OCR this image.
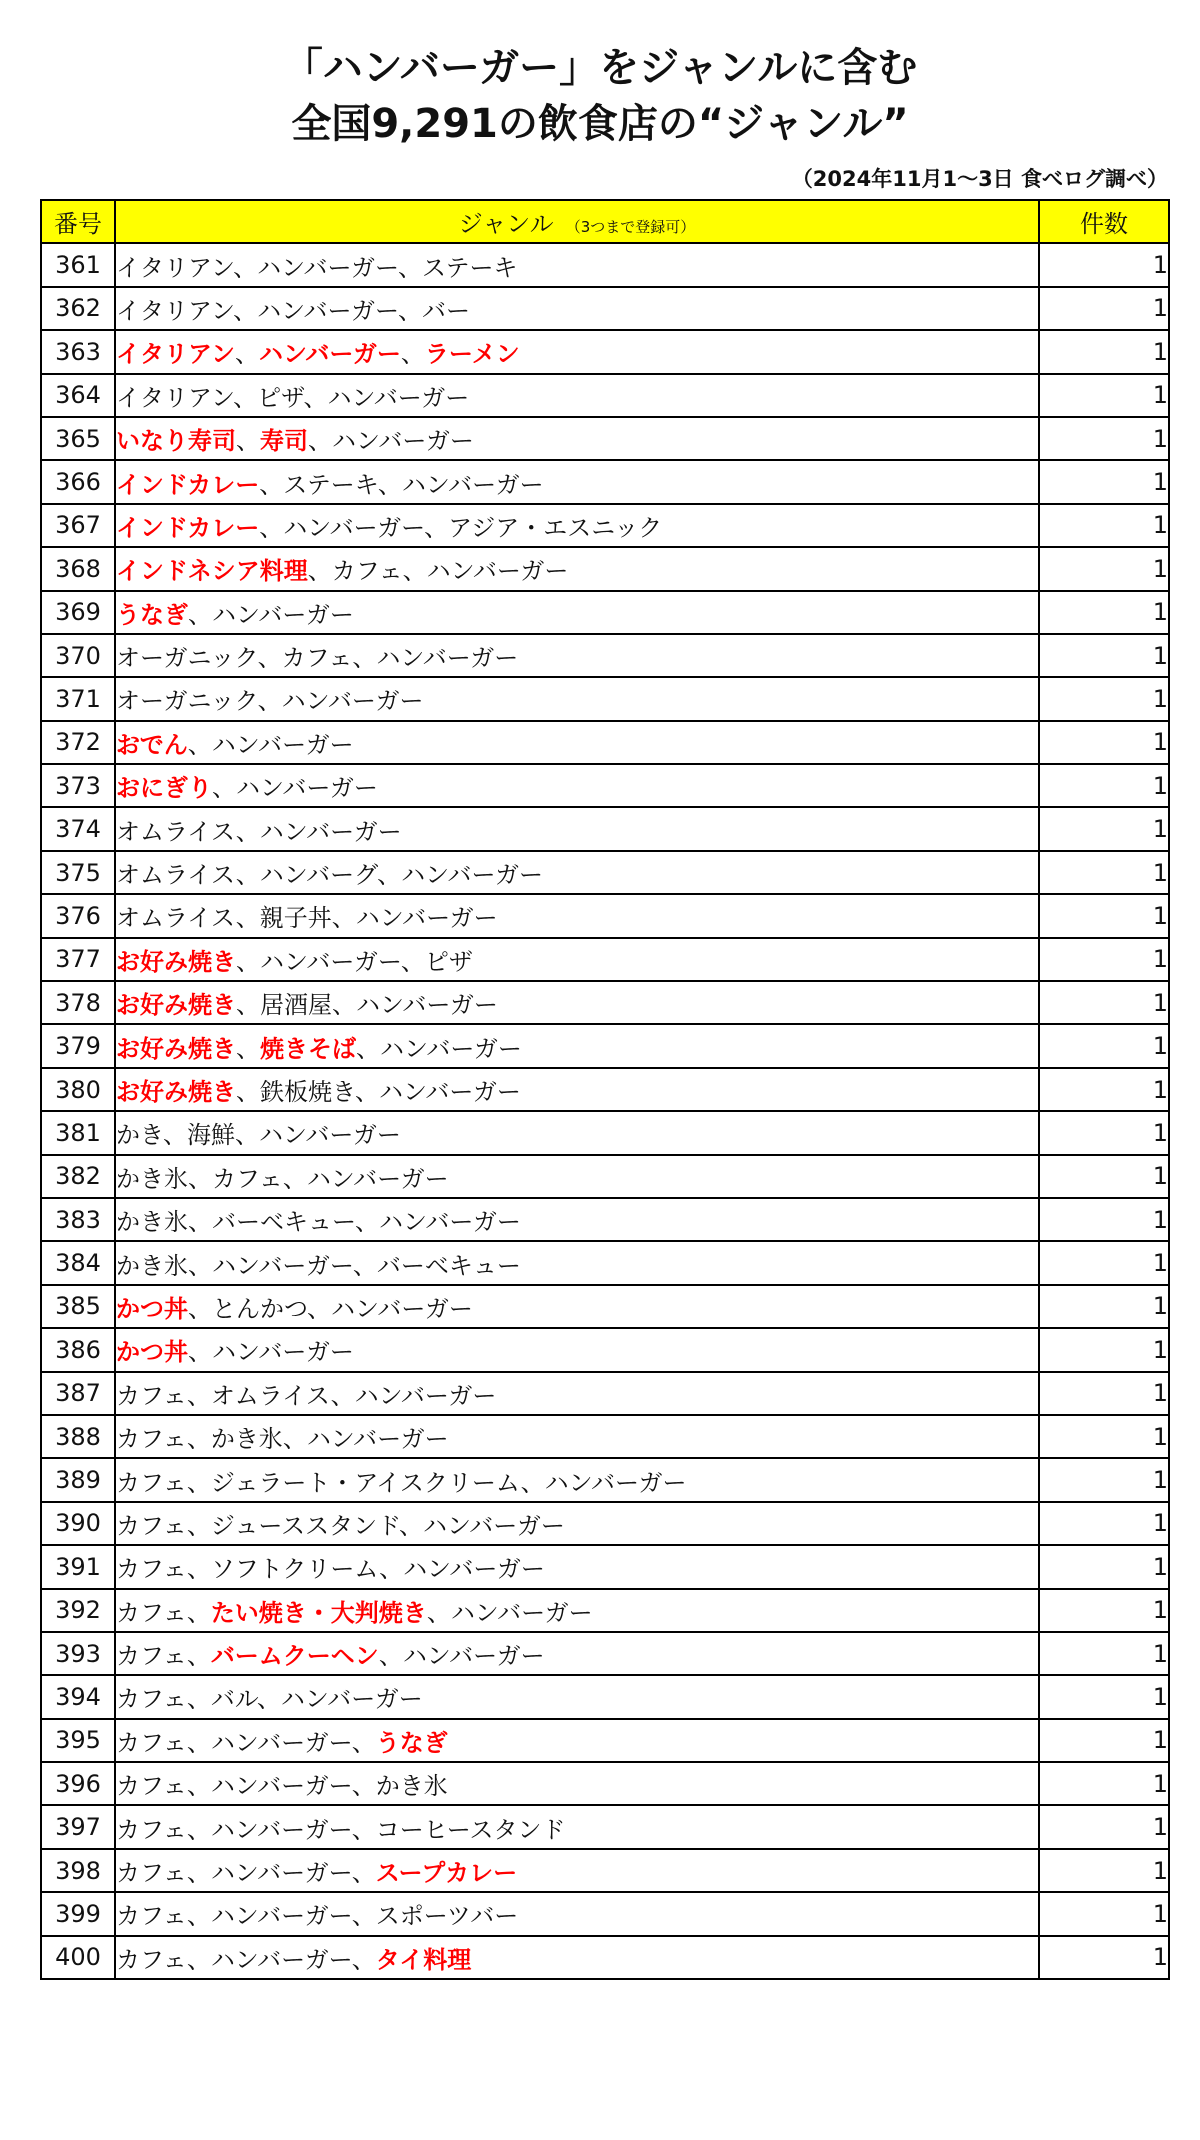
「ハンバーガー」をジャンルに含む
全国9,291の飲食店の“ジャンル”
（2024年11月1～3日 食べログ調べ）
番号	ジャンル （3つまで登録可）	件数
361	イタリアン、ハンバーガー、ステーキ	1
362	イタリアン、ハンバーガー、バー	1
363	イタリアン、ハンバーガー、ラーメン	1
364	イタリアン、ピザ、ハンバーガー	1
365	いなり寿司、寿司、ハンバーガー	1
366	インドカレー、ステーキ、ハンバーガー	1
367	インドカレー、ハンバーガー、アジア・エスニック	1
368	インドネシア料理、カフェ、ハンバーガー	1
369	うなぎ、ハンバーガー	1
370	オーガニック、カフェ、ハンバーガー	1
371	オーガニック、ハンバーガー	1
372	おでん、ハンバーガー	1
373	おにぎり、ハンバーガー	1
374	オムライス、ハンバーガー	1
375	オムライス、ハンバーグ、ハンバーガー	1
376	オムライス、親子丼、ハンバーガー	1
377	お好み焼き、ハンバーガー、ピザ	1
378	お好み焼き、居酒屋、ハンバーガー	1
379	お好み焼き、焼きそば、ハンバーガー	1
380	お好み焼き、鉄板焼き、ハンバーガー	1
381	かき、海鮮、ハンバーガー	1
382	かき氷、カフェ、ハンバーガー	1
383	かき氷、バーベキュー、ハンバーガー	1
384	かき氷、ハンバーガー、バーベキュー	1
385	かつ丼、とんかつ、ハンバーガー	1
386	かつ丼、ハンバーガー	1
387	カフェ、オムライス、ハンバーガー	1
388	カフェ、かき氷、ハンバーガー	1
389	カフェ、ジェラート・アイスクリーム、ハンバーガー	1
390	カフェ、ジューススタンド、ハンバーガー	1
391	カフェ、ソフトクリーム、ハンバーガー	1
392	カフェ、たい焼き・大判焼き、ハンバーガー	1
393	カフェ、バームクーヘン、ハンバーガー	1
394	カフェ、バル、ハンバーガー	1
395	カフェ、ハンバーガー、うなぎ	1
396	カフェ、ハンバーガー、かき氷	1
397	カフェ、ハンバーガー、コーヒースタンド	1
398	カフェ、ハンバーガー、スープカレー	1
399	カフェ、ハンバーガー、スポーツバー	1
400	カフェ、ハンバーガー、タイ料理	1
